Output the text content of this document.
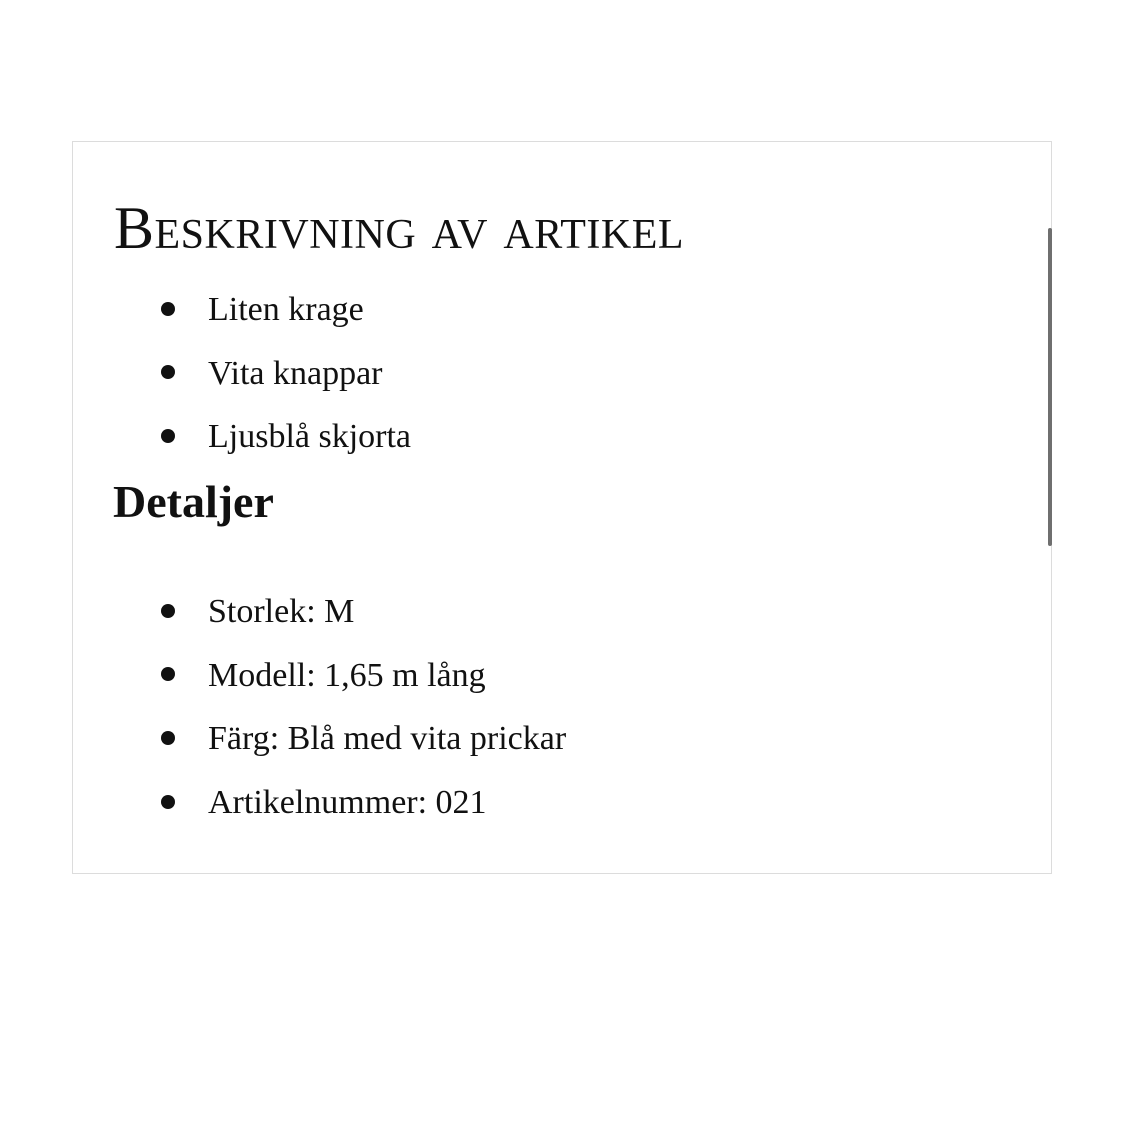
Beskrivning av artikel
Liten krage
Vita knappar
Ljusblå skjorta
Detaljer
Storlek: M
Modell: 1,65 m lång
Färg: Blå med vita prickar
Artikelnummer: 021
